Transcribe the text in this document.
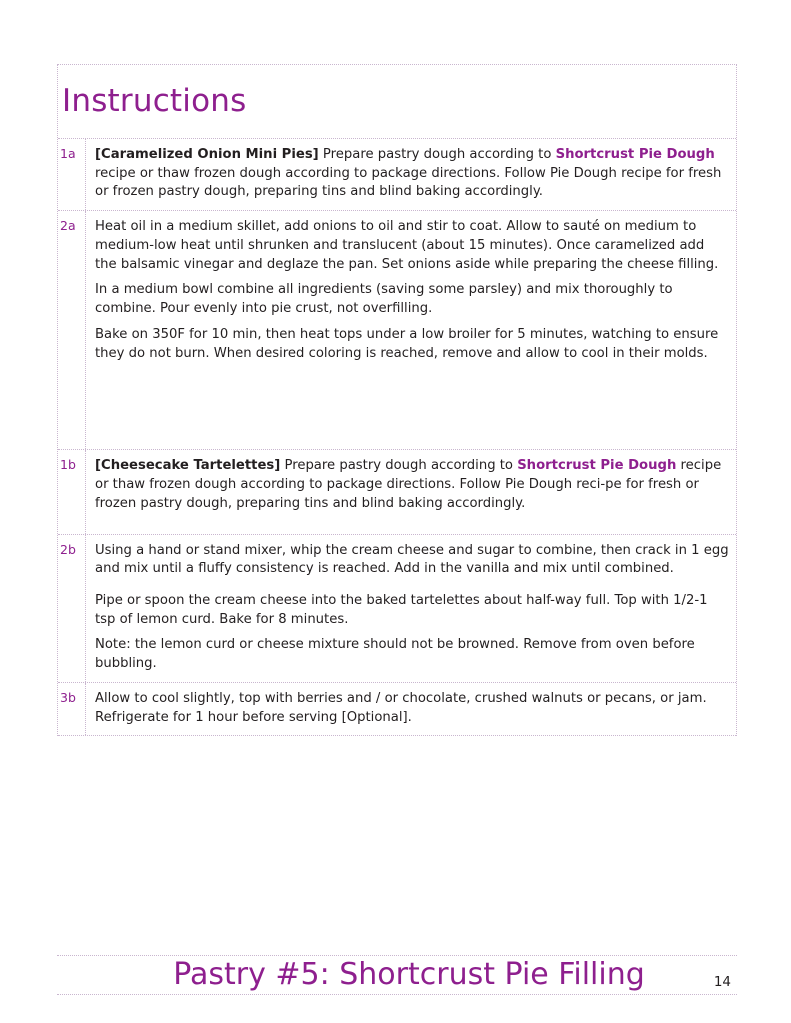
Instructions
1a	[Caramelized Onion Mini Pies] Prepare pastry dough according to Shortcrust Pie Dough recipe or thaw frozen dough according to package directions. Follow Pie Dough recipe for fresh or frozen pastry dough, preparing tins and blind baking accordingly.

2a	Heat oil in a medium skillet, add onions to oil and stir to coat. Allow to sauté on medium to medium-low heat until shrunken and translucent (about 15 minutes). Once caramelized add the balsamic vinegar and deglaze the pan. Set onions aside while preparing the cheese filling.

In a medium bowl combine all ingredients (saving some parsley) and mix thoroughly to combine. Pour evenly into pie crust, not overfilling.

Bake on 350F for 10 min, then heat tops under a low broiler for 5 minutes, watching to ensure they do not burn. When desired coloring is reached, remove and allow to cool in their molds.

1b	[Cheesecake Tartelettes] Prepare pastry dough according to Shortcrust Pie Dough recipe or thaw frozen dough according to package directions. Follow Pie Dough reci-pe for fresh or frozen pastry dough, preparing tins and blind baking accordingly.

2b	Using a hand or stand mixer, whip the cream cheese and sugar to combine, then crack in 1 egg and mix until a fluffy consistency is reached. Add in the vanilla and mix until combined.

Pipe or spoon the cream cheese into the baked tartelettes about half-way full. Top with 1/2-1 tsp of lemon curd. Bake for 8 minutes.

Note: the lemon curd or cheese mixture should not be browned. Remove from oven before bubbling.

3b	Allow to cool slightly, top with berries and / or chocolate, crushed walnuts or pecans, or jam. Refrigerate for 1 hour before serving [Optional].

Pastry #5: Shortcrust Pie Filling	14
